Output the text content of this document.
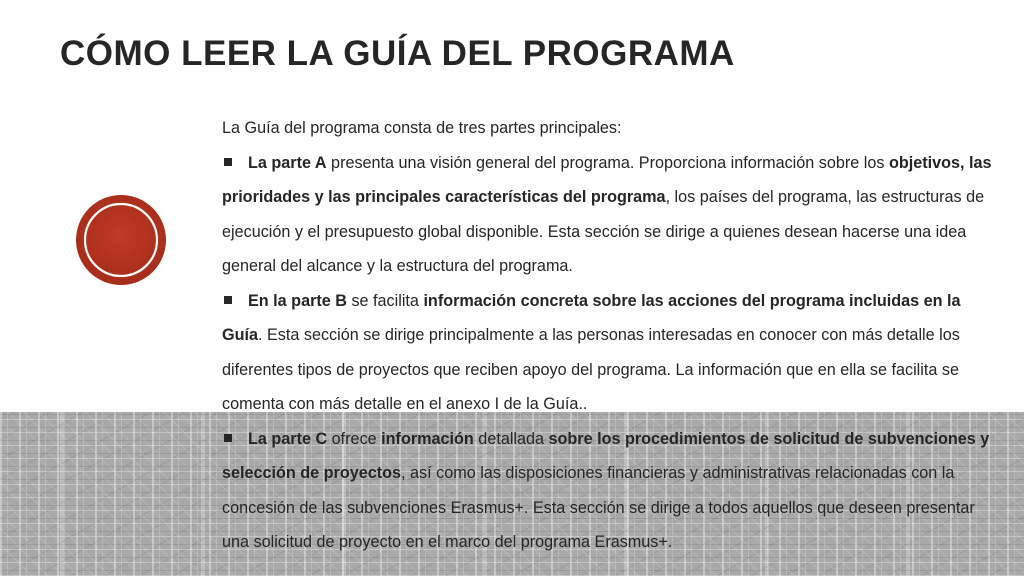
CÓMO LEER LA GUÍA DEL PROGRAMA

La Guía del programa consta de tres partes principales:

La parte A presenta una visión general del programa. Proporciona información sobre los objetivos, las prioridades y las principales características del programa, los países del programa, las estructuras de ejecución y el presupuesto global disponible. Esta sección se dirige a quienes desean hacerse una idea general del alcance y la estructura del programa.

En la parte B se facilita información concreta sobre las acciones del programa incluidas en la Guía. Esta sección se dirige principalmente a las personas interesadas en conocer con más detalle los diferentes tipos de proyectos que reciben apoyo del programa. La información que en ella se facilita se comenta con más detalle en el anexo I de la Guía..

La parte C ofrece información detallada sobre los procedimientos de solicitud de subvenciones y selección de proyectos, así como las disposiciones financieras y administrativas relacionadas con la concesión de las subvenciones Erasmus+. Esta sección se dirige a todos aquellos que deseen presentar una solicitud de proyecto en el marco del programa Erasmus+.
